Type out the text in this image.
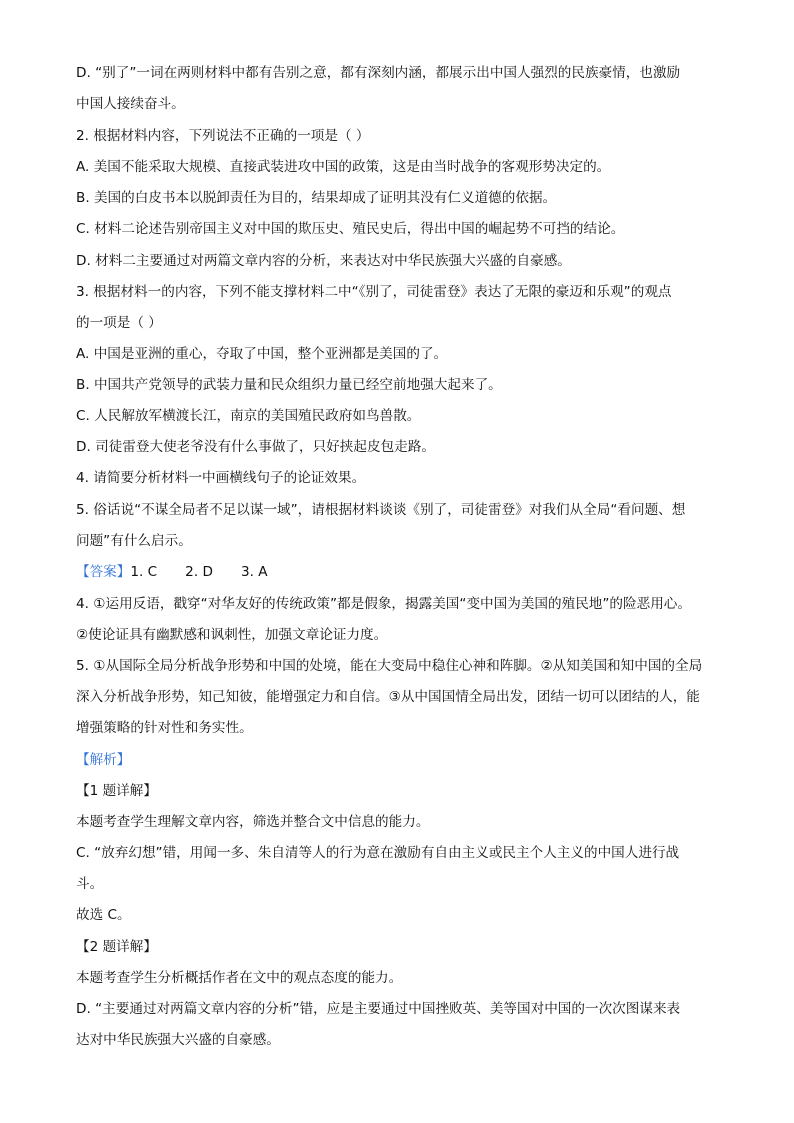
D. “别了”一词在两则材料中都有告别之意，都有深刻内涵，都展示出中国人强烈的民族豪情，也激励
中国人接续奋斗。
2. 根据材料内容，下列说法不正确的一项是（ ）
A. 美国不能采取大规模、直接武装进攻中国的政策，这是由当时战争的客观形势决定的。
B. 美国的白皮书本以脱卸责任为目的，结果却成了证明其没有仁义道德的依据。
C. 材料二论述告别帝国主义对中国的欺压史、殖民史后，得出中国的崛起势不可挡的结论。
D. 材料二主要通过对两篇文章内容的分析，来表达对中华民族强大兴盛的自豪感。
3. 根据材料一的内容，下列不能支撑材料二中“《别了，司徒雷登》表达了无限的豪迈和乐观”的观点
的一项是（ ）
A. 中国是亚洲的重心，夺取了中国，整个亚洲都是美国的了。
B. 中国共产党领导的武装力量和民众组织力量已经空前地强大起来了。
C. 人民解放军横渡长江，南京的美国殖民政府如鸟兽散。
D. 司徒雷登大使老爷没有什么事做了，只好挟起皮包走路。
4. 请简要分析材料一中画横线句子的论证效果。
5. 俗话说“不谋全局者不足以谋一域”，请根据材料谈谈《别了，司徒雷登》对我们从全局“看问题、想
问题”有什么启示。
【答案】1. C 2. D 3. A
4. ①运用反语，戳穿“对华友好的传统政策”都是假象，揭露美国“变中国为美国的殖民地”的险恶用心。
②使论证具有幽默感和讽刺性，加强文章论证力度。
5. ①从国际全局分析战争形势和中国的处境，能在大变局中稳住心神和阵脚。②从知美国和知中国的全局
深入分析战争形势，知己知彼，能增强定力和自信。③从中国国情全局出发，团结一切可以团结的人，能
增强策略的针对性和务实性。
【解析】
【1 题详解】
本题考查学生理解文章内容，筛选并整合文中信息的能力。
C. “放弃幻想”错，用闻一多、朱自清等人的行为意在激励有自由主义或民主个人主义的中国人进行战
斗。
故选 C。
【2 题详解】
本题考查学生分析概括作者在文中的观点态度的能力。
D. “主要通过对两篇文章内容的分析”错，应是主要通过中国挫败英、美等国对中国的一次次图谋来表
达对中华民族强大兴盛的自豪感。
